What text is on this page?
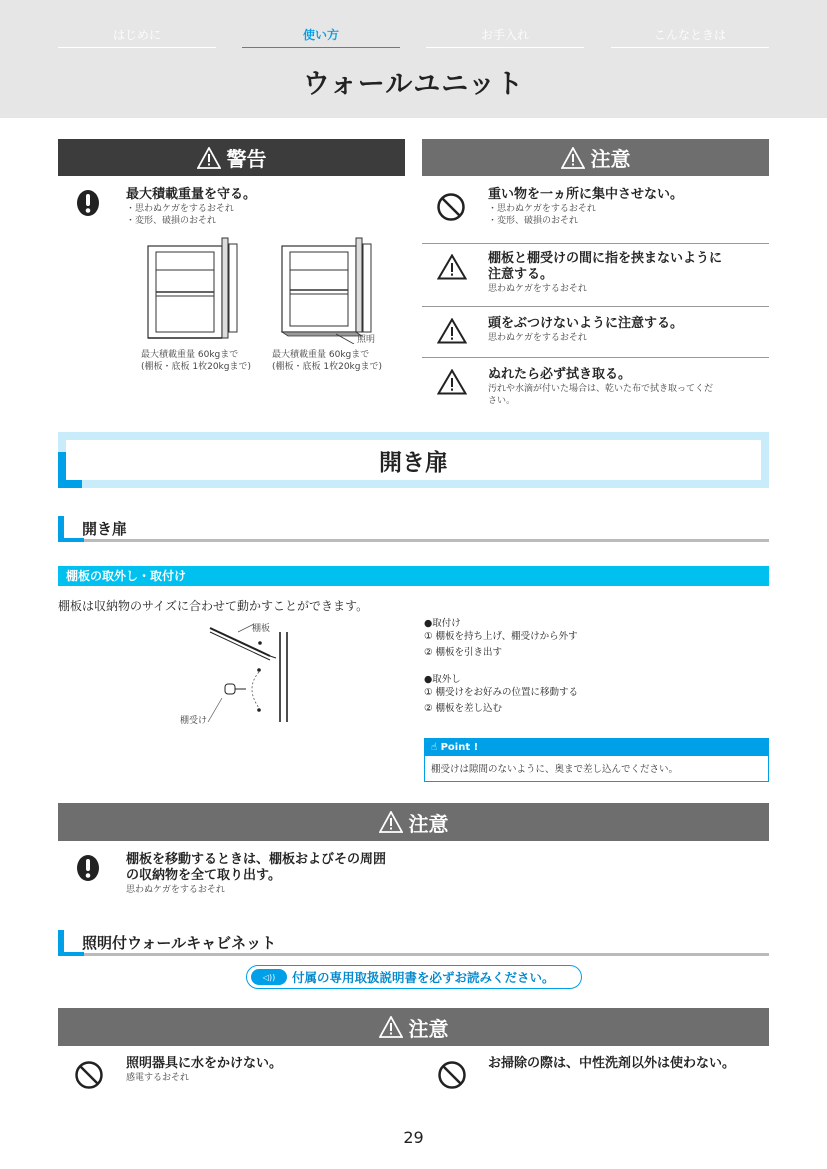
はじめに	使い方	お手入れ	こんなときは
ウォールユニット
警告
最大積載重量を守る。
・思わぬケガをするおそれ
・変形、破損のおそれ
最大積載重量 60kgまで
(棚板・底板 1枚20kgまで)
照明
最大積載重量 60kgまで
(棚板・底板 1枚20kgまで)
注意
重い物を一ヵ所に集中させない。
・思わぬケガをするおそれ
・変形、破損のおそれ
棚板と棚受けの間に指を挟まないように
注意する。
思わぬケガをするおそれ
頭をぶつけないように注意する。
思わぬケガをするおそれ
ぬれたら必ず拭き取る。
汚れや水滴が付いた場合は、乾いた布で拭き取ってくだ
さい。
開き扉
開き扉
棚板の取外し・取付け
棚板は収納物のサイズに合わせて動かすことができます。
棚板
棚受け
●取付け
① 棚板を持ち上げ、棚受けから外す
② 棚板を引き出す
●取外し
① 棚受けをお好みの位置に移動する
② 棚板を差し込む
☝ Point !
棚受けは隙間のないように、奥まで差し込んでください。
注意
棚板を移動するときは、棚板およびその周囲
の収納物を全て取り出す。
思わぬケガをするおそれ
照明付ウォールキャビネット
◁))	付属の専用取扱説明書を必ずお読みください。
注意
照明器具に水をかけない。
感電するおそれ
お掃除の際は、中性洗剤以外は使わない。
29
